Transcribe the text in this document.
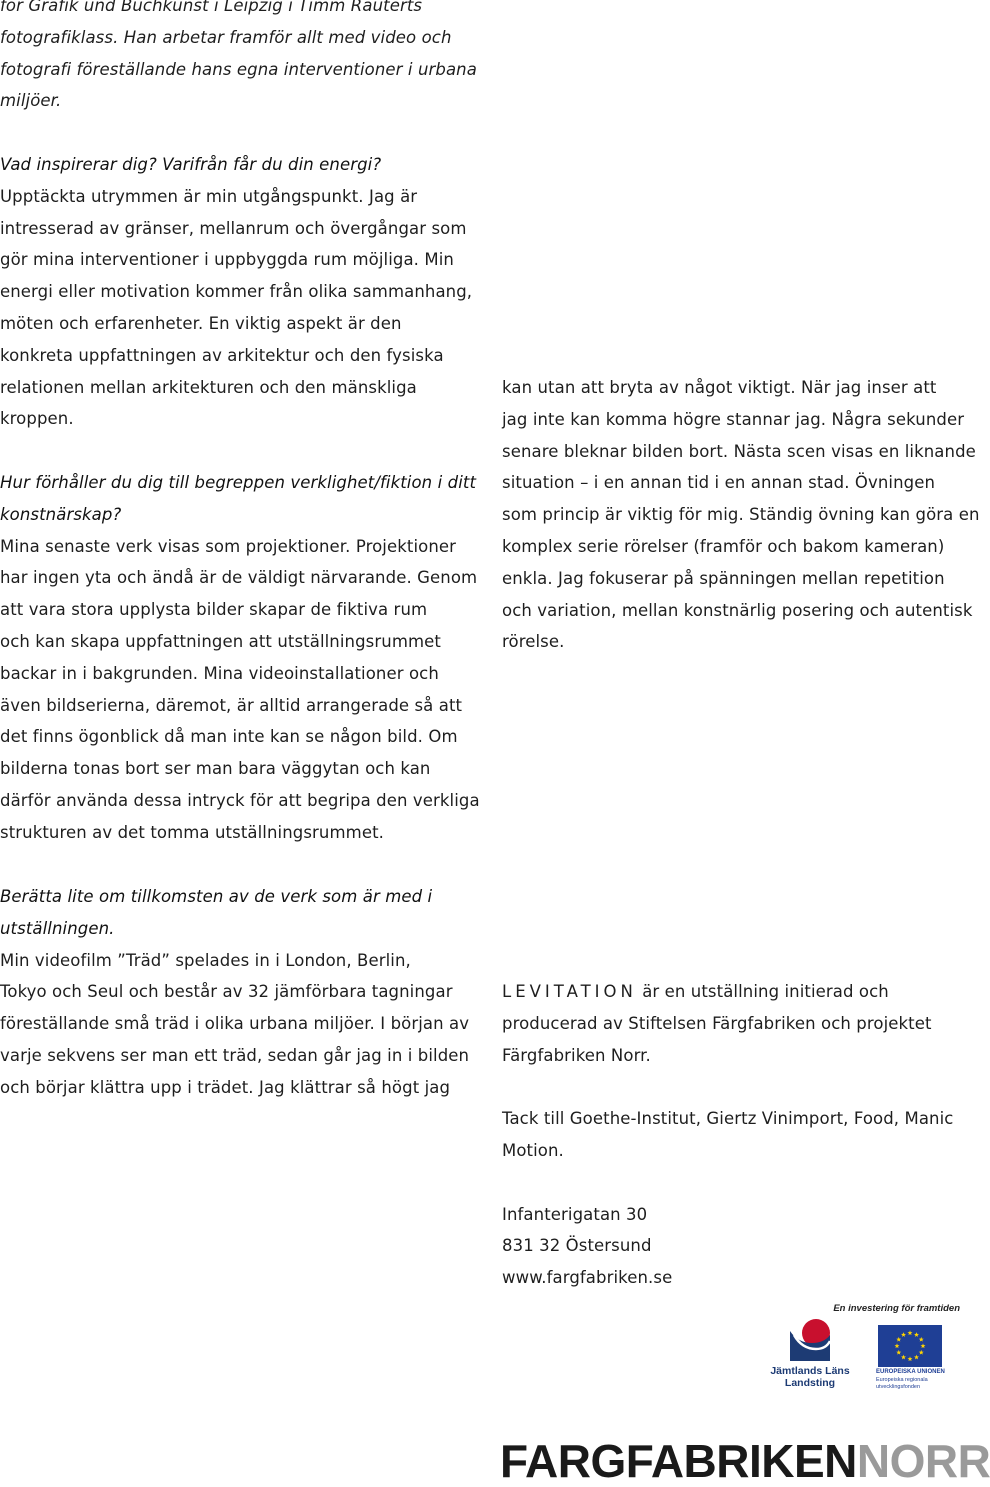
för Grafik und Buchkunst i Leipzig i Timm Rauterts
fotografiklass. Han arbetar framför allt med video och
fotografi föreställande hans egna interventioner i urbana
miljöer.
Vad inspirerar dig? Varifrån får du din energi?
Upptäckta utrymmen är min utgångspunkt. Jag är
intresserad av gränser, mellanrum och övergångar som
gör mina interventioner i uppbyggda rum möjliga. Min
energi eller motivation kommer från olika sammanhang,
möten och erfarenheter. En viktig aspekt är den
konkreta uppfattningen av arkitektur och den fysiska
relationen mellan arkitekturen och den mänskliga
kroppen.
Hur förhåller du dig till begreppen verklighet/fiktion i ditt
konstnärskap?
Mina senaste verk visas som projektioner. Projektioner
har ingen yta och ändå är de väldigt närvarande. Genom
att vara stora upplysta bilder skapar de fiktiva rum
och kan skapa uppfattningen att utställningsrummet
backar in i bakgrunden. Mina videoinstallationer och
även bildserierna, däremot, är alltid arrangerade så att
det finns ögonblick då man inte kan se någon bild. Om
bilderna tonas bort ser man bara väggytan och kan
därför använda dessa intryck för att begripa den verkliga
strukturen av det tomma utställningsrummet.
Berätta lite om tillkomsten av de verk som är med i
utställningen.
Min videofilm ”Träd” spelades in i London, Berlin,
Tokyo och Seul och består av 32 jämförbara tagningar
föreställande små träd i olika urbana miljöer. I början av
varje sekvens ser man ett träd, sedan går jag in i bilden
och börjar klättra upp i trädet. Jag klättrar så högt jag
kan utan att bryta av något viktigt. När jag inser att
jag inte kan komma högre stannar jag. Några sekunder
senare bleknar bilden bort. Nästa scen visas en liknande
situation – i en annan tid i en annan stad. Övningen
som princip är viktig för mig. Ständig övning kan göra en
komplex serie rörelser (framför och bakom kameran)
enkla. Jag fokuserar på spänningen mellan repetition
och variation, mellan konstnärlig posering och autentisk
rörelse.
LEVITATION är en utställning initierad och
producerad av Stiftelsen Färgfabriken och projektet
Färgfabriken Norr.
Tack till Goethe-Institut, Giertz Vinimport, Food, Manic
Motion.
Infanterigatan 30
831 32 Östersund
www.fargfabriken.se
En investering för framtiden
Jämtlands Läns
Landsting
EUROPEISKA UNIONEN
Europeiska regionala
utvecklingsfonden
FARGFABRIKENNORR
